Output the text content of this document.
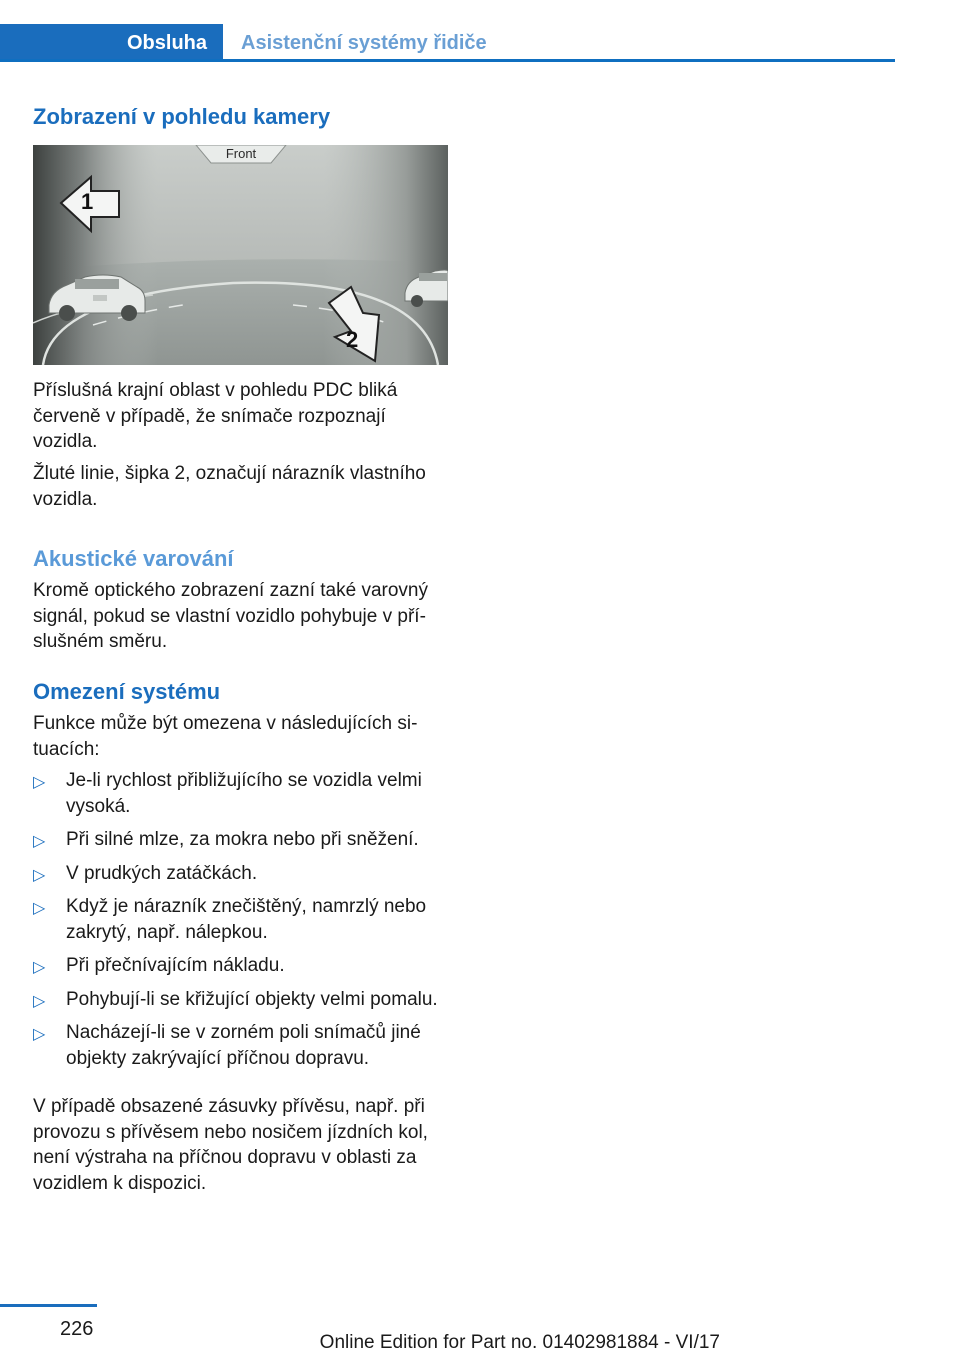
Obsluha	Asistenční systémy řidiče
Zobrazení v pohledu kamery
Front
1
2

Příslušná krajní oblast v pohledu PDC bliká červeně v případě, že snímače rozpoznají vozidla.

Žluté linie, šipka 2, označují nárazník vlastního vozidla.

Akustické varování

Kromě optického zobrazení zazní také varovný signál, pokud se vlastní vozidlo pohybuje v příslušném směru.

Omezení systému

Funkce může být omezena v následujících situacích:

▷ Je-li rychlost přibližujícího se vozidla velmi vysoká.
▷ Při silné mlze, za mokra nebo při sněžení.
▷ V prudkých zatáčkách.
▷ Když je nárazník znečištěný, namrzlý nebo zakrytý, např. nálepkou.
▷ Při přečnívajícím nákladu.
▷ Pohybují-li se křižující objekty velmi pomalu.
▷ Nacházejí-li se v zorném poli snímačů jiné objekty zakrývající příčnou dopravu.

V případě obsazené zásuvky přívěsu, např. při provozu s přívěsem nebo nosičem jízdních kol, není výstraha na příčnou dopravu v oblasti za vozidlem k dispozici.

226
Online Edition for Part no. 01402981884 - VI/17
